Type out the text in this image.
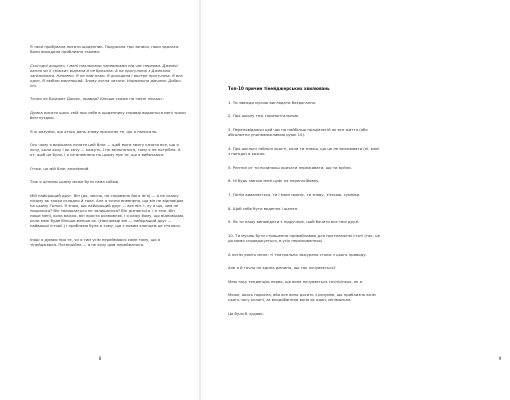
Я таки пробувала писати щоденник. Подужала три записи, поки здалася. Вони виходили приблизно такими:

Сьогодні дощило, і мені нахлюпали черевиками під час перерви. Джемні капля чи її «ріжки» відпала й не брехала. А на прогулянці з Джеккою запізнилися. Напевно. Я не пам'ятаю. Я доходила і вкотре прогуляла. Я все одно. Я люблю мисенький. Знову лягла читати. Нормальна дівчина. Добро-ніч.

Точно не Бріджит Джонс, правда? Більше схоже на «мені лінько».

Думка писати щось свій про себе в щоденнику справді видається мені трохи безглуздою.

Я ж розумію, що хтось день знову прочитає те, що я написала.

Ось чому я вирішила почати цей блог — щоб мати змогу казати все, що я хочу, коли хочу і як хочу — кажуть, і не звільнятися, тому я не потрібне. А от, щоб це було, і я не впевнена по цьому пре те, що я вибачаюся.

Отже, це мій блог анонімний.

Тож я ціннюю цьому може бути сама собою.

Мій найкращий друг. Він (до, звісно, не справжнє його ім'я) — я не скажу нікому як трохи складно й таке. Але я точно впевнена, що він не відповідає на цьому Голосі. Я знаю, що найкращий друг — все він. І, ну а що, чим не лишилися? Він залишається не залишатися? Він дізнається. І я теж. Він пише мені, коли важко, він просто розмовляє, і я кажу йому, що відповідаю, коли мені буде більше-менше ок. (Насправді він — найкращий друг — найвищої історії.) І проблема була в тому, що з новим хлопцем це сталося.

Іноді я думаю про те, чи я тим усім переймаюся саме тому, що я тінейджерка. Потенційно — я не хочу цим перейматися.

8	9
Топ-10 причин тінейджерських хвилювань
1. Ти завжди мусиш виглядати бездоганно.
2. Про школу теж горизонтальною.
3. Переповідаючи цей час на найбільш працівлєгій як все життя (або абсолютно упинюможливою руюк 10).
4. Про шкільні табльні якості, коли ти знаєш, що це не вклюювати (ні, мані з нагоди) в кожно.
5. Рептил от ти починаєш кричати переживати, що ти вуйни.
6. Ні будь завтра мені цуфі на перегасійовну.
7. Потім виявляється, ти і мамі приніс, ти знову, з'язкою, сумніви.
8. Щоб себе бути ведення і щелеп.
9. Як ти нашу виповідити з підручник, щоб бачити все твої друзі.
10. Ти мусиш бути страшенно привабливою для протилежної статі (так, це до мимо справджується, в усіх переживаннях).

А потім уявіть мене: ті театрально зажурена стоєю з цього приводу.

Але я й точно не єдина дівчина, що так почувається?

Маю таку тенденцію нерво, що вона почувається точнісінько, як я.

Може, якось порасна, або все воно досить з розумію, що приблизно вісім цього часу колоні, за вподобанням вона як один, мінімальна.

Це було б чудово.
